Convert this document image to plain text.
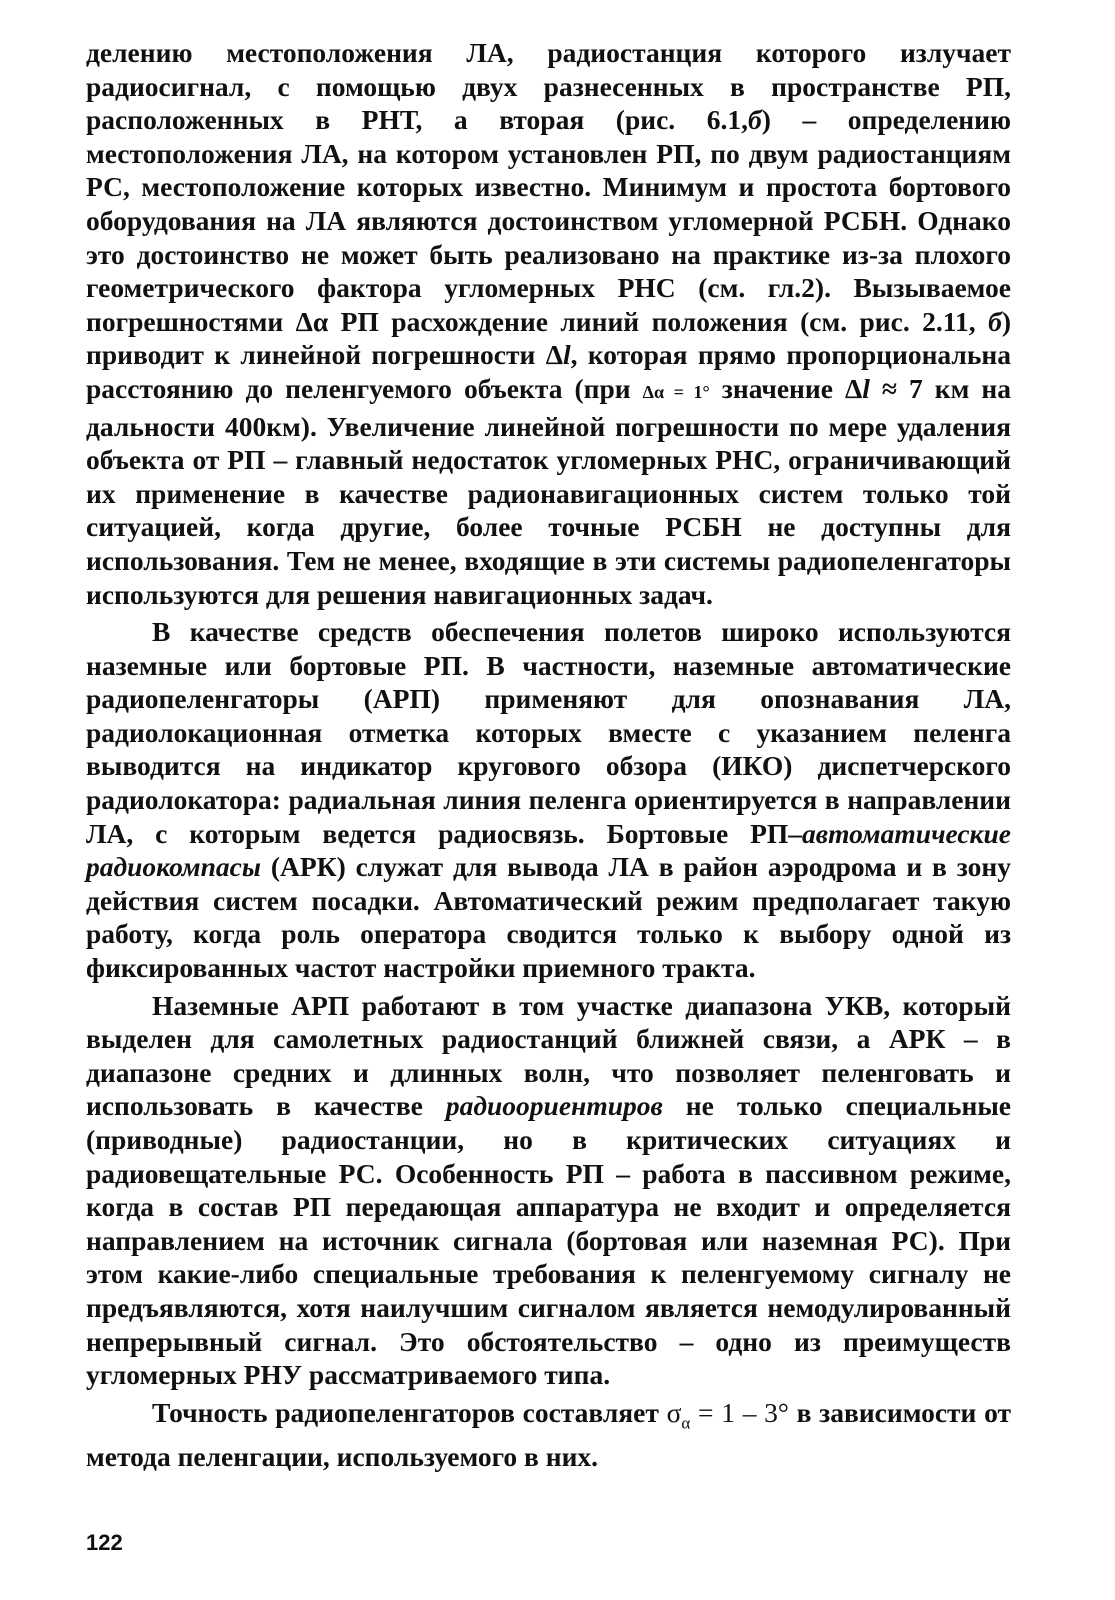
делению местоположения ЛА, радиостанция которого излучает радиосигнал, с помощью двух разнесенных в пространстве РП, расположенных в РНТ, а вторая (рис. 6.1,б) – определению местоположения ЛА, на котором установлен РП, по двум радиостанциям РС, местоположение которых известно. Минимум и простота бортового оборудования на ЛА являются достоинством угломерной РСБН. Однако это достоинство не может быть реализовано на практике из-за плохого геометрического фактора угломерных РНС (см. гл.2). Вызываемое погрешностями Δα РП расхождение линий положения (см. рис. 2.11, б) приводит к линейной погрешности Δl, которая прямо пропорциональна расстоянию до пеленгуемого объекта (при Δα = 1° значение Δl ≈ 7 км на дальности 400км). Увеличение линейной погрешности по мере удаления объекта от РП – главный недостаток угломерных РНС, ограничивающий их применение в качестве радионавигационных систем только той ситуацией, когда другие, более точные РСБН не доступны для использования. Тем не менее, входящие в эти системы радиопеленгаторы используются для решения навигационных задач.

В качестве средств обеспечения полетов широко используются наземные или бортовые РП. В частности, наземные автоматические радиопеленгаторы (АРП) применяют для опознавания ЛА, радиолокационная отметка которых вместе с указанием пеленга выводится на индикатор кругового обзора (ИКО) диспетчерского радиолокатора: радиальная линия пеленга ориентируется в направлении ЛА, с которым ведется радиосвязь. Бортовые РП–автоматические радиокомпасы (АРК) служат для вывода ЛА в район аэродрома и в зону действия систем посадки. Автоматический режим предполагает такую работу, когда роль оператора сводится только к выбору одной из фиксированных частот настройки приемного тракта.

Наземные АРП работают в том участке диапазона УКВ, который выделен для самолетных радиостанций ближней связи, а АРК – в диапазоне средних и длинных волн, что позволяет пеленговать и использовать в качестве радиоориентиров не только специальные (приводные) радиостанции, но в критических ситуациях и радиовещательные РС. Особенность РП – работа в пассивном режиме, когда в состав РП передающая аппаратура не входит и определяется направлением на источник сигнала (бортовая или наземная РС). При этом какие-либо специальные требования к пеленгуемому сигналу не предъявляются, хотя наилучшим сигналом является немодулированный непрерывный сигнал. Это обстоятельство – одно из преимуществ угломерных РНУ рассматриваемого типа.

Точность радиопеленгаторов составляет $\sigma_\alpha = 1 - 3^\circ$ в зависимости от метода пеленгации, используемого в них.

122
